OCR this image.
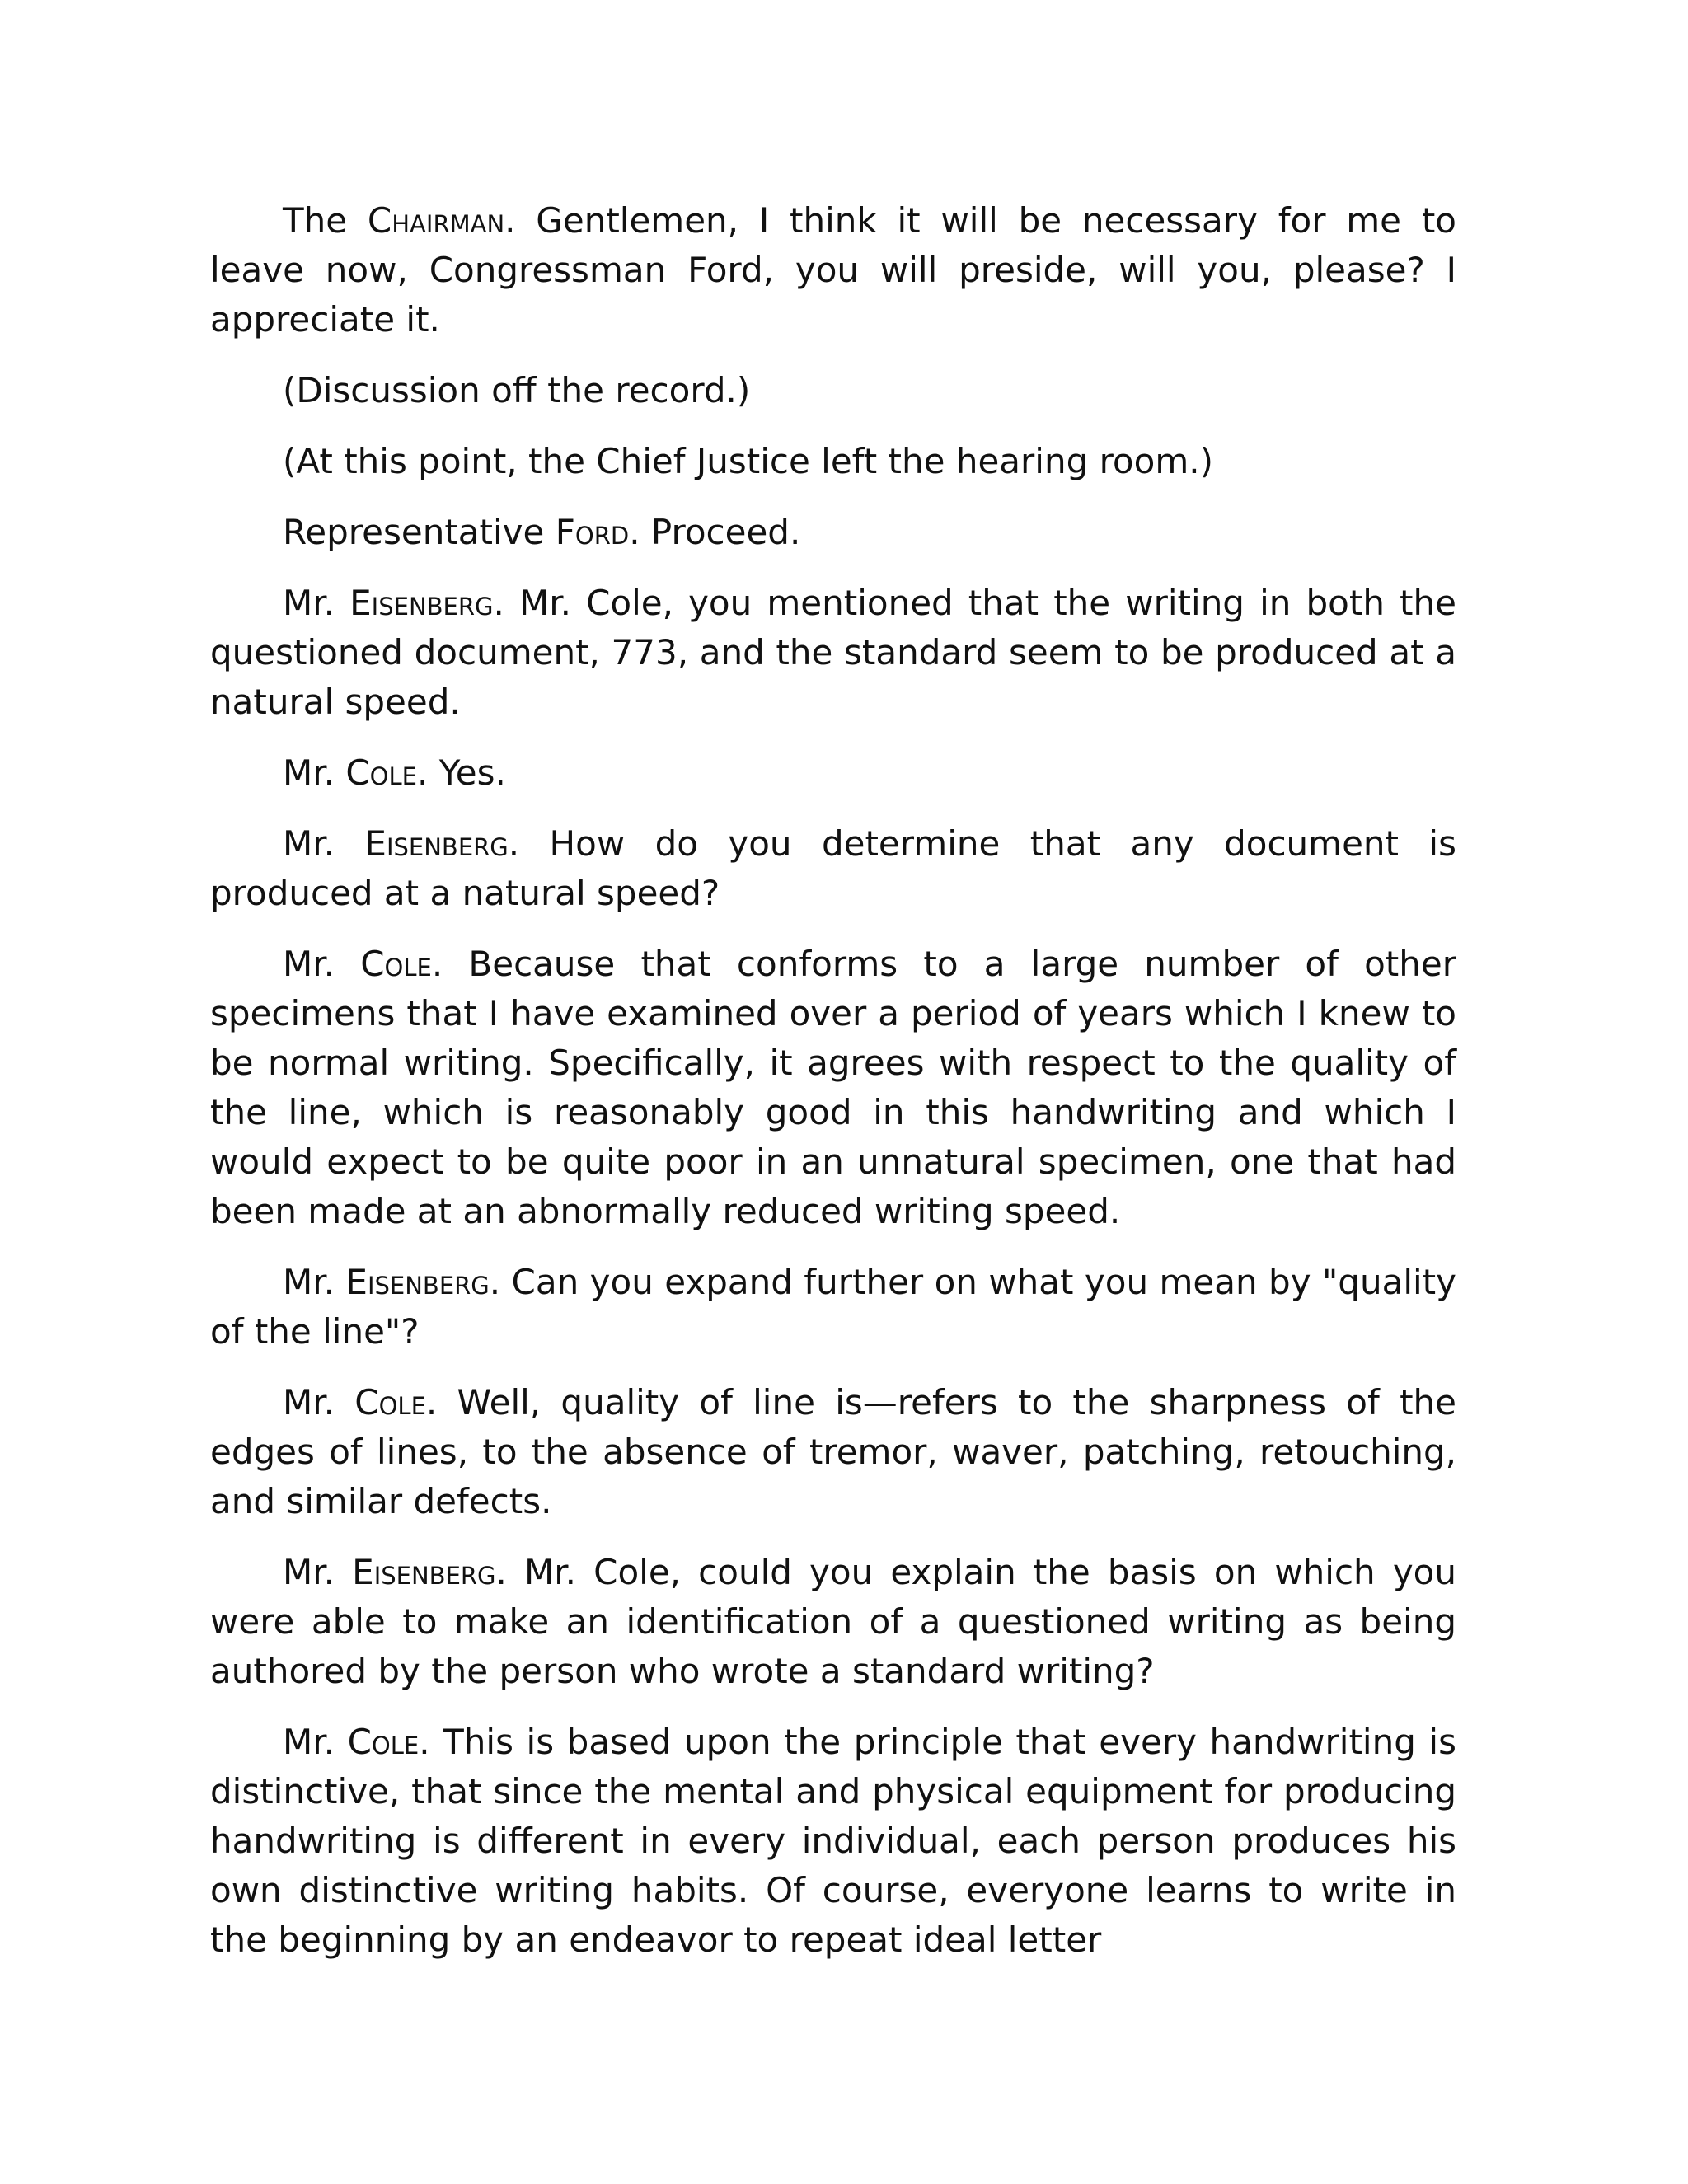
The Chairman. Gentlemen, I think it will be necessary for me to leave now, Congressman Ford, you will preside, will you, please? I appreciate it.

(Discussion off the record.)

(At this point, the Chief Justice left the hearing room.)

Representative Ford. Proceed.

Mr. Eisenberg. Mr. Cole, you mentioned that the writing in both the questioned document, 773, and the standard seem to be produced at a natural speed.

Mr. Cole. Yes.

Mr. Eisenberg. How do you determine that any document is produced at a natural speed?

Mr. Cole. Because that conforms to a large number of other specimens that I have examined over a period of years which I knew to be normal writing. Specifically, it agrees with respect to the quality of the line, which is reasonably good in this handwriting and which I would expect to be quite poor in an unnatural specimen, one that had been made at an abnormally reduced writing speed.

Mr. Eisenberg. Can you expand further on what you mean by "quality of the line"?

Mr. Cole. Well, quality of line is—refers to the sharpness of the edges of lines, to the absence of tremor, waver, patching, retouching, and similar defects.

Mr. Eisenberg. Mr. Cole, could you explain the basis on which you were able to make an identification of a questioned writing as being authored by the person who wrote a standard writing?

Mr. Cole. This is based upon the principle that every handwriting is distinctive, that since the mental and physical equipment for producing handwriting is different in every individual, each person produces his own distinctive writing habits. Of course, everyone learns to write in the beginning by an endeavor to repeat ideal letter
